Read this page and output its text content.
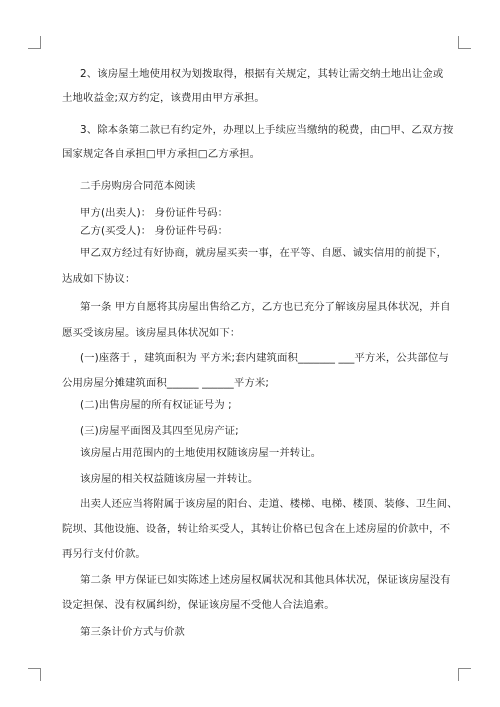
2、该房屋土地使用权为划拨取得，根据有关规定，其转让需交纳土地出让金或
土地收益金;双方约定，该费用由甲方承担。
3、除本条第二款已有约定外，办理以上手续应当缴纳的税费，由□甲、乙双方按
国家规定各自承担□甲方承担□乙方承担。
二手房购房合同范本阅读
甲方(出卖人)： 身份证件号码：
乙方(买受人)： 身份证件号码：
甲乙双方经过有好协商，就房屋买卖一事，在平等、自愿、诚实信用的前提下，
达成如下协议：
第一条 甲方自愿将其房屋出售给乙方，乙方也已充分了解该房屋具体状况，并自
愿买受该房屋。该房屋具体状况如下：
(一)座落于 ，建筑面积为 平方米;套内建筑面积_______ ___平方米，公共部位与
公用房屋分摊建筑面积______ ______平方米;
(二)出售房屋的所有权证证号为 ;
(三)房屋平面图及其四至见房产证;
该房屋占用范围内的土地使用权随该房屋一并转让。
该房屋的相关权益随该房屋一并转让。
出卖人还应当将附属于该房屋的阳台、走道、楼梯、电梯、楼顶、装修、卫生间、
院坝、其他设施、设备，转让给买受人，其转让价格已包含在上述房屋的价款中，不
再另行支付价款。
第二条 甲方保证已如实陈述上述房屋权属状况和其他具体状况，保证该房屋没有
设定担保、没有权属纠纷，保证该房屋不受他人合法追索。
第三条计价方式与价款
